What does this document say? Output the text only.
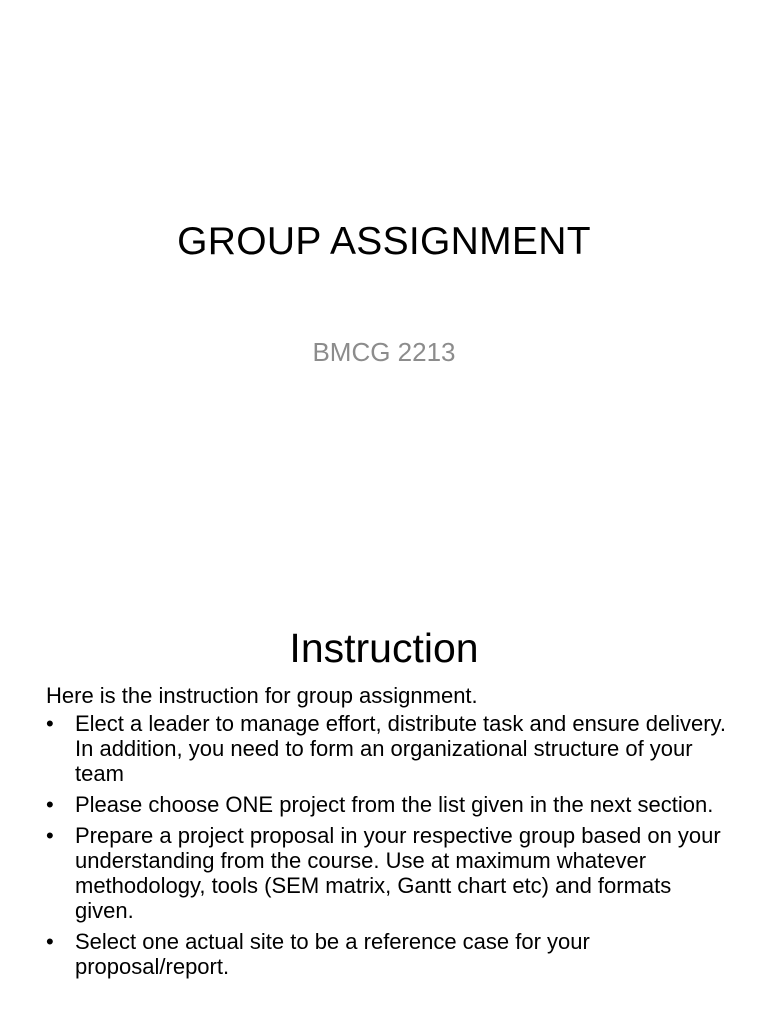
GROUP ASSIGNMENT
BMCG 2213
Instruction

Here is the instruction for group assignment.

• Elect a leader to manage effort, distribute task and ensure delivery. In addition, you need to form an organizational structure of your team
• Please choose ONE project from the list given in the next section.
• Prepare a project proposal in your respective group based on your understanding from the course. Use at maximum whatever methodology, tools (SEM matrix, Gantt chart etc) and formats given.
• Select one actual site to be a reference case for your proposal/report.
